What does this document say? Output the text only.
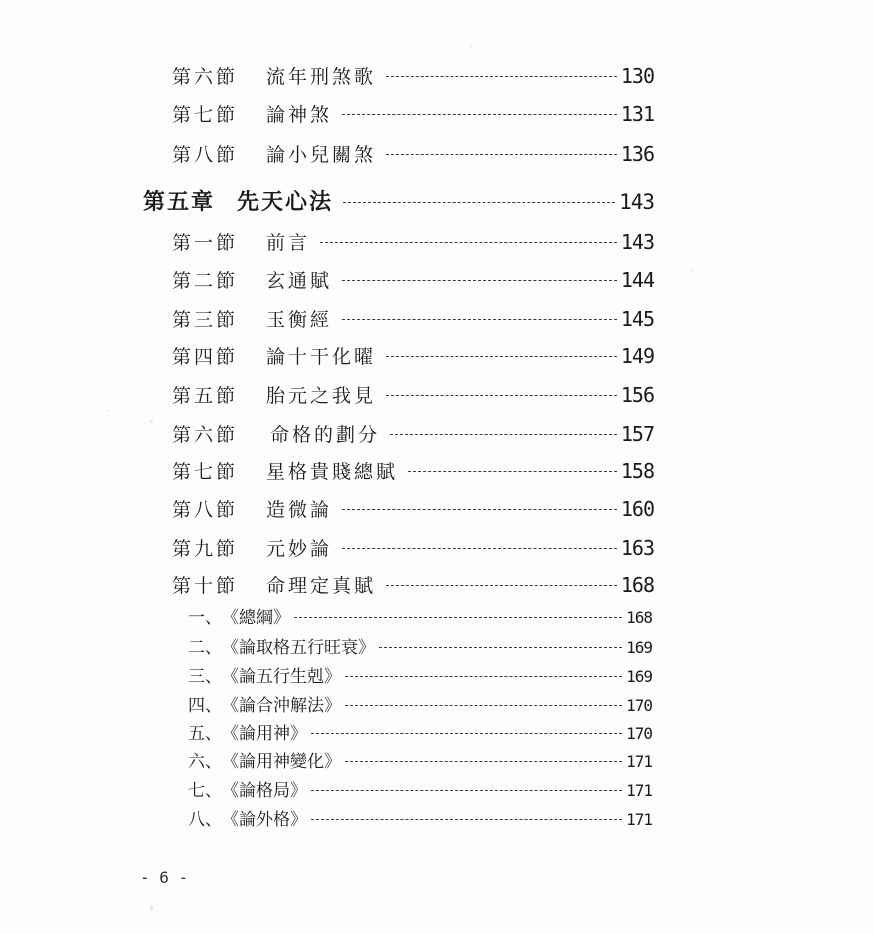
第六節 流年刑煞歌	130
第七節 論神煞	131
第八節 論小兒關煞	136
第五章 先天心法	143
第一節 前言	143
第二節 玄通賦	144
第三節 玉衡經	145
第四節 論十干化曜	149
第五節 胎元之我見	156
第六節 命格的劃分	157
第七節 星格貴賤總賦	158
第八節 造微論	160
第九節 元妙論	163
第十節 命理定真賦	168
一、 《總綱》	168
二、 《論取格五行旺衰》	169
三、 《論五行生剋》	169
四、 《論合沖解法》	170
五、 《論用神》	170
六、 《論用神變化》	171
七、 《論格局》	171
八、 《論外格》	171
- 6 -
